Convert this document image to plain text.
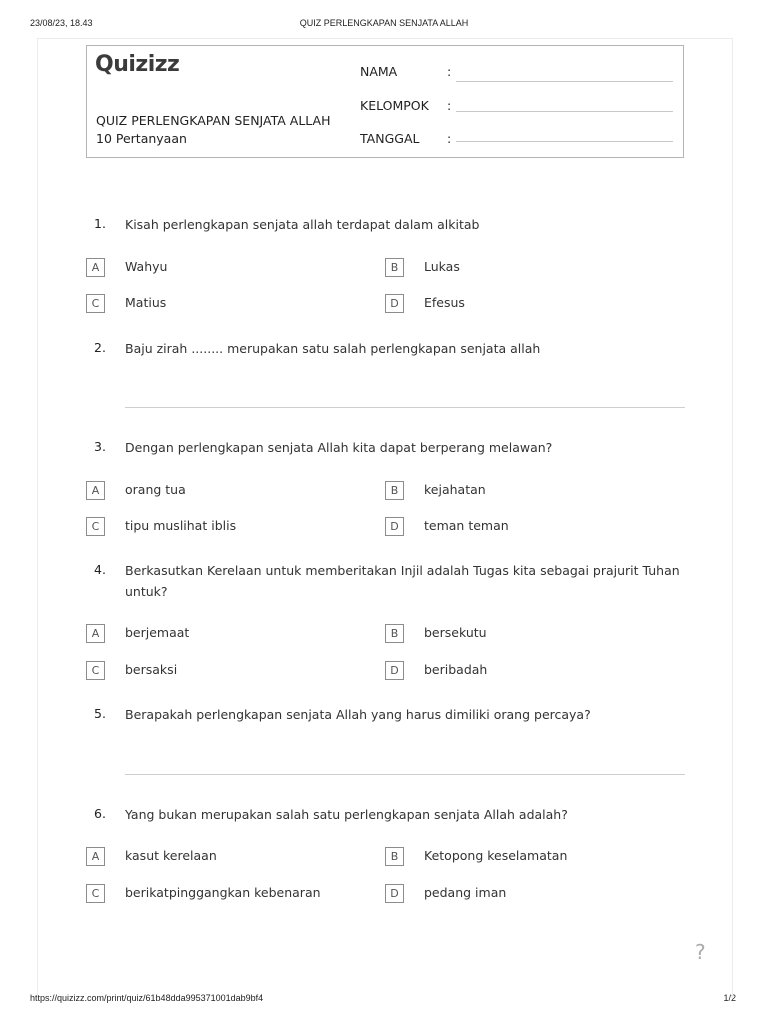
23/08/23, 18.43	QUIZ PERLENGKAPAN SENJATA ALLAH
https://quizizz.com/print/quiz/61b48dda995371001dab9bf4	1/2
Quizizz
QUIZ PERLENGKAPAN SENJATA ALLAH
10 Pertanyaan
NAMA	:
KELOMPOK :
TANGGAL :
1. Kisah perlengkapan senjata allah terdapat dalam alkitab
A	Wahyu	B	Lukas
C	Matius	D	Efesus
2. Baju zirah ........ merupakan satu salah perlengkapan senjata allah
3. Dengan perlengkapan senjata Allah kita dapat berperang melawan?
A	orang tua	B	kejahatan
C	tipu muslihat iblis	D	teman teman
4. Berkasutkan Kerelaan untuk memberitakan Injil adalah Tugas kita sebagai prajurit Tuhan untuk?
A	berjemaat	B	bersekutu
C	bersaksi	D	beribadah
5. Berapakah perlengkapan senjata Allah yang harus dimiliki orang percaya?
6. Yang bukan merupakan salah satu perlengkapan senjata Allah adalah?
A	kasut kerelaan	B	Ketopong keselamatan
C	berikatpinggangkan kebenaran	D	pedang iman
?
